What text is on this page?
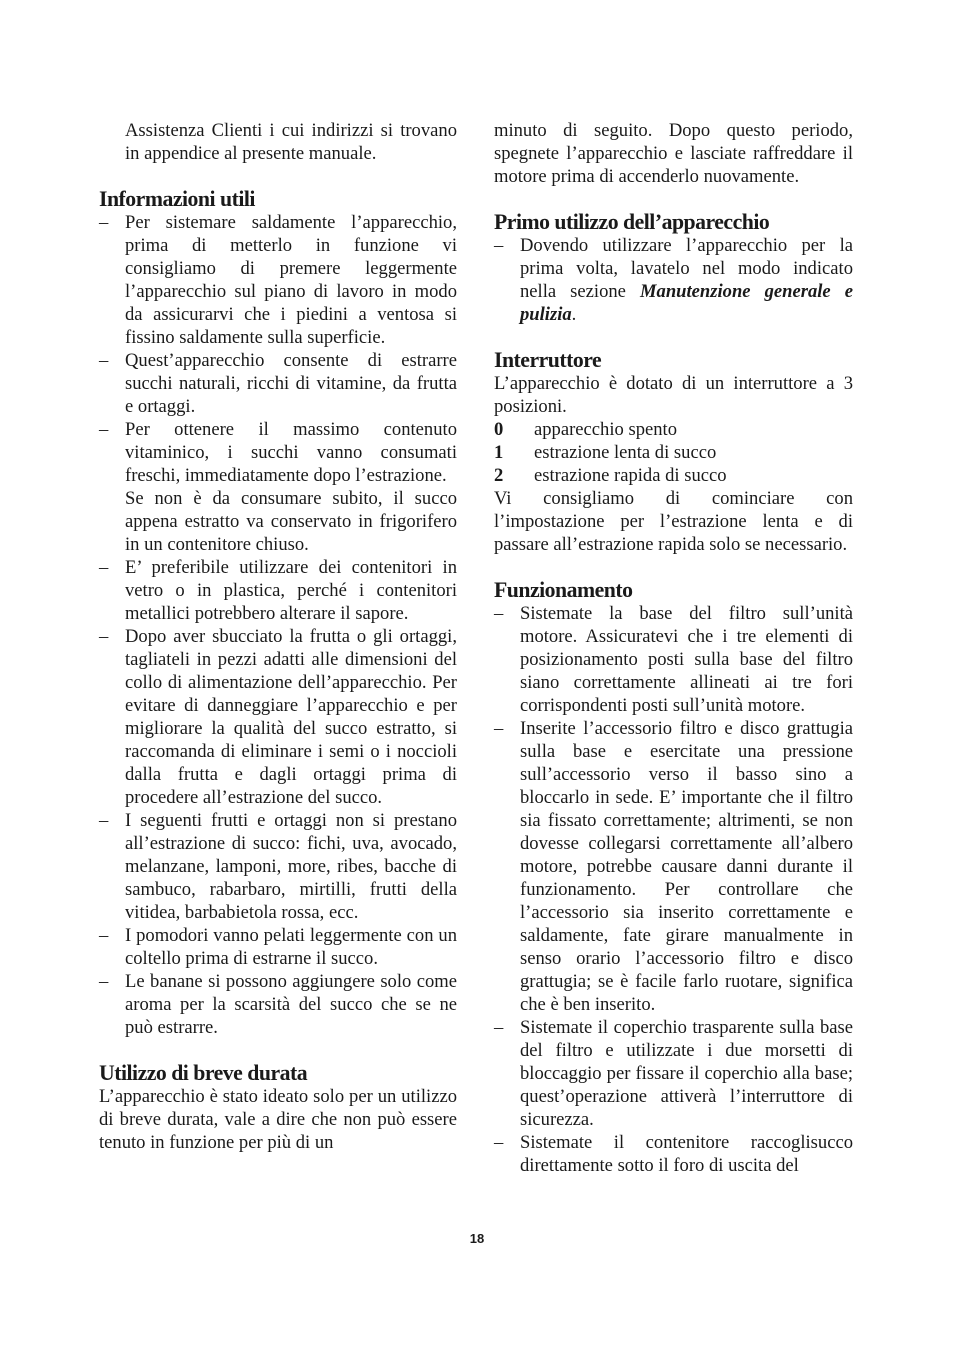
Assistenza Clienti i cui indirizzi si trovano in appendice al presente manuale.

Informazioni utili
– Per sistemare saldamente l’apparecchio, prima di metterlo in funzione vi consigliamo di premere leggermente l’apparecchio sul piano di lavoro in modo da assicurarvi che i piedini a ventosa si fissino saldamente sulla superficie.
– Quest’apparecchio consente di estrarre succhi naturali, ricchi di vitamine, da frutta e ortaggi.
– Per ottenere il massimo contenuto vitaminico, i succhi vanno consumati freschi, immediatamente dopo l’estrazione.
Se non è da consumare subito, il succo appena estratto va conservato in frigorifero in un contenitore chiuso.
– E’ preferibile utilizzare dei contenitori in vetro o in plastica, perché i contenitori metallici potrebbero alterare il sapore.
– Dopo aver sbucciato la frutta o gli ortaggi, tagliateli in pezzi adatti alle dimensioni del collo di alimentazione dell’apparecchio. Per evitare di danneggiare l’apparecchio e per migliorare la qualità del succo estratto, si raccomanda di eliminare i semi o i noccioli dalla frutta e dagli ortaggi prima di procedere all’estrazione del succo.
– I seguenti frutti e ortaggi non si prestano all’estrazione di succo: fichi, uva, avocado, melanzane, lamponi, more, ribes, bacche di sambuco, rabarbaro, mirtilli, frutti della vitidea, barbabietola rossa, ecc.
– I pomodori vanno pelati leggermente con un coltello prima di estrarne il succo.
– Le banane si possono aggiungere solo come aroma per la scarsità del succo che se ne può estrarre.
Utilizzo di breve durata

L’apparecchio è stato ideato solo per un utilizzo di breve durata, vale a dire che non può essere tenuto in funzione per più di un

minuto di seguito. Dopo questo periodo, spegnete l’apparecchio e lasciate raffreddare il motore prima di accenderlo nuovamente.

Primo utilizzo dell’apparecchio
– Dovendo utilizzare l’apparecchio per la prima volta, lavatelo nel modo indicato nella sezione Manutenzione generale e pulizia.
Interruttore

L’apparecchio è dotato di un interruttore a 3 posizioni.

0	apparecchio spento
1	estrazione lenta di succo
2	estrazione rapida di succo

Vi consigliamo di cominciare con l’impostazione per l’estrazione lenta e di passare all’estrazione rapida solo se necessario.

Funzionamento
– Sistemate la base del filtro sull’unità motore. Assicuratevi che i tre elementi di posizionamento posti sulla base del filtro siano correttamente allineati ai tre fori corrispondenti posti sull’unità motore.
– Inserite l’accessorio filtro e disco grattugia sulla base e esercitate una pressione sull’accessorio verso il basso sino a bloccarlo in sede. E’ importante che il filtro sia fissato correttamente; altrimenti, se non dovesse collegarsi correttamente all’albero motore, potrebbe causare danni durante il funzionamento. Per controllare che l’accessorio sia inserito correttamente e saldamente, fate girare manualmente in senso orario l’accessorio filtro e disco grattugia; se è facile farlo ruotare, significa che è ben inserito.
– Sistemate il coperchio trasparente sulla base del filtro e utilizzate i due morsetti di bloccaggio per fissare il coperchio alla base; quest’operazione attiverà l’interruttore di sicurezza.
– Sistemate il contenitore raccoglisucco direttamente sotto il foro di uscita del
18
